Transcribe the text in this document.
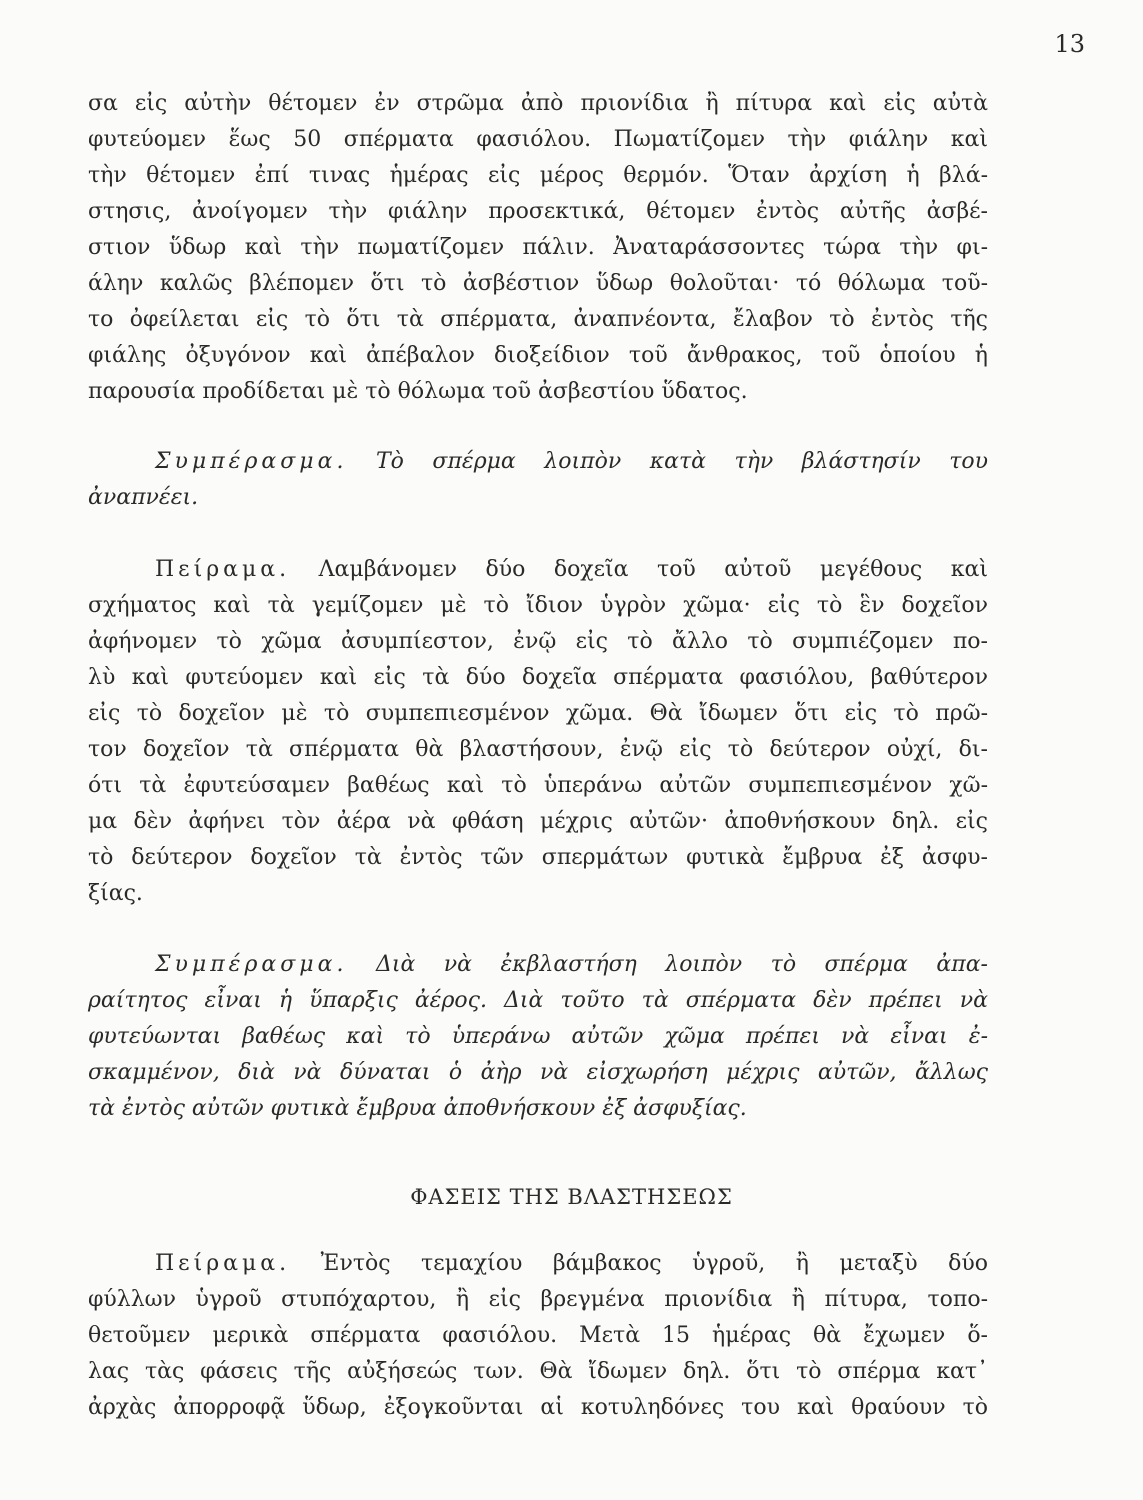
13
σα εἰς αὐτὴν θέτομεν ἐν στρῶμα ἀπὸ πριονίδια ἢ πίτυρα καὶ εἰς αὐτὰ
φυτεύομεν ἕως 50 σπέρματα φασιόλου. Πωματίζομεν τὴν φιάλην καὶ
τὴν θέτομεν ἐπί τινας ἡμέρας εἰς μέρος θερμόν. Ὅταν ἀρχίση ἡ βλά-
στησις, ἀνοίγομεν τὴν φιάλην προσεκτικά, θέτομεν ἐντὸς αὐτῆς ἀσβέ-
στιον ὕδωρ καὶ τὴν πωματίζομεν πάλιν. Ἀναταράσσοντες τώρα τὴν φι-
άλην καλῶς βλέπομεν ὅτι τὸ ἀσβέστιον ὕδωρ θολοῦται· τό θόλωμα τοῦ-
το ὀφείλεται εἰς τὸ ὅτι τὰ σπέρματα, ἀναπνέοντα, ἔλαβον τὸ ἐντὸς τῆς
φιάλης ὀξυγόνον καὶ ἀπέβαλον διοξείδιον τοῦ ἄνθρακος, τοῦ ὁποίου ἡ
παρουσία προδίδεται μὲ τὸ θόλωμα τοῦ ἀσβεστίου ὕδατος.
Συμπέρασμα. Τὸ σπέρμα λοιπὸν κατὰ τὴν βλάστησίν του
ἀναπνέει.
Πείραμα. Λαμβάνομεν δύο δοχεῖα τοῦ αὐτοῦ μεγέθους καὶ
σχήματος καὶ τὰ γεμίζομεν μὲ τὸ ἴδιον ὑγρὸν χῶμα· εἰς τὸ ἓν δοχεῖον
ἀφήνομεν τὸ χῶμα ἀσυμπίεστον, ἐνῷ εἰς τὸ ἄλλο τὸ συμπιέζομεν πο-
λὺ καὶ φυτεύομεν καὶ εἰς τὰ δύο δοχεῖα σπέρματα φασιόλου, βαθύτερον
εἰς τὸ δοχεῖον μὲ τὸ συμπεπιεσμένον χῶμα. Θὰ ἴδωμεν ὅτι εἰς τὸ πρῶ-
τον δοχεῖον τὰ σπέρματα θὰ βλαστήσουν, ἐνῷ εἰς τὸ δεύτερον οὐχί, δι-
ότι τὰ ἐφυτεύσαμεν βαθέως καὶ τὸ ὑπεράνω αὐτῶν συμπεπιεσμένον χῶ-
μα δὲν ἀφήνει τὸν ἀέρα νὰ φθάση μέχρις αὐτῶν· ἀποθνήσκουν δηλ. εἰς
τὸ δεύτερον δοχεῖον τὰ ἐντὸς τῶν σπερμάτων φυτικὰ ἔμβρυα ἐξ ἀσφυ-
ξίας.
Συμπέρασμα. Διὰ νὰ ἐκβλαστήση λοιπὸν τὸ σπέρμα ἀπα-
ραίτητος εἶναι ἡ ὕπαρξις ἀέρος. Διὰ τοῦτο τὰ σπέρματα δὲν πρέπει νὰ
φυτεύωνται βαθέως καὶ τὸ ὑπεράνω αὐτῶν χῶμα πρέπει νὰ εἶναι ἐ-
σκαμμένον, διὰ νὰ δύναται ὁ ἀὴρ νὰ εἰσχωρήση μέχρις αὐτῶν, ἄλλως
τὰ ἐντὸς αὐτῶν φυτικὰ ἔμβρυα ἀποθνήσκουν ἐξ ἀσφυξίας.
ΦΑΣΕΙΣ ΤΗΣ ΒΛΑΣΤΗΣΕΩΣ
Πείραμα. Ἐντὸς τεμαχίου βάμβακος ὑγροῦ, ἢ μεταξὺ δύο
φύλλων ὑγροῦ στυπόχαρτου, ἢ εἰς βρεγμένα πριονίδια ἢ πίτυρα, τοπο-
θετοῦμεν μερικὰ σπέρματα φασιόλου. Μετὰ 15 ἡμέρας θὰ ἔχωμεν ὅ-
λας τὰς φάσεις τῆς αὐξήσεώς των. Θὰ ἴδωμεν δηλ. ὅτι τὸ σπέρμα κατ᾽
ἀρχὰς ἀπορροφᾷ ὕδωρ, ἐξογκοῦνται αἱ κοτυληδόνες του καὶ θραύουν τὸ
